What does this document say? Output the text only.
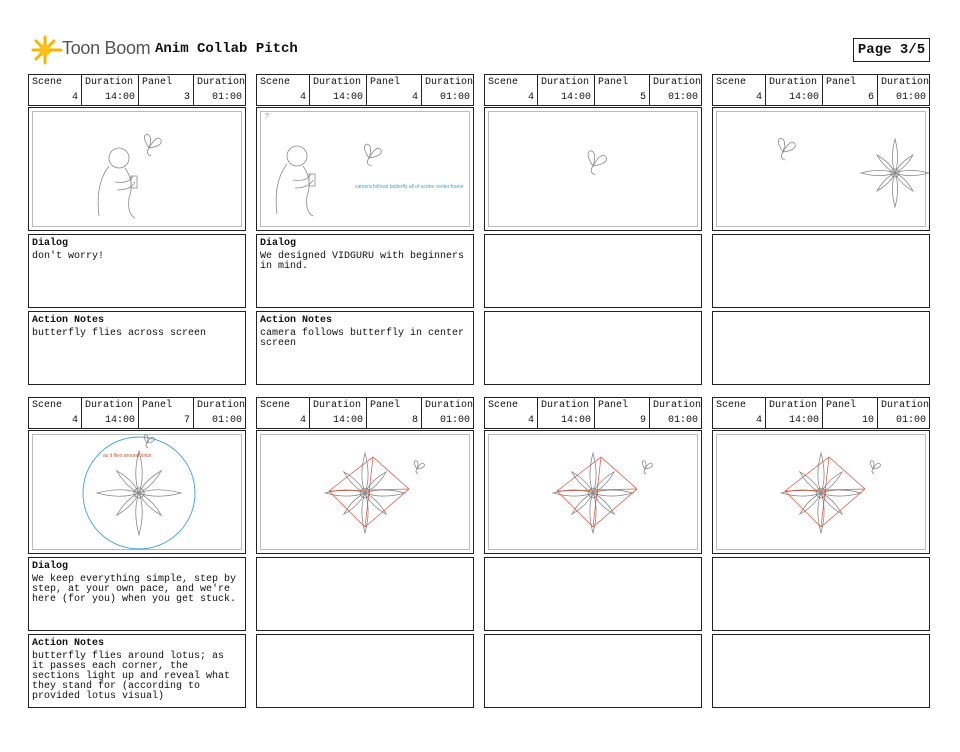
Toon Boom Anim Collab Pitch	Page 3/5
Scene
4
Duration
14:00
Panel
3
Duration
01:00
Dialog
don't worry!
Action Notes
butterfly flies across screen
Scene
4
Duration
14:00
Panel
4
Duration
01:00
?
camera follows butterfly all of scene center frame
Dialog
We designed VIDGURU with beginners in mind.
Action Notes
camera follows butterfly in center screen
Scene
4
Duration
14:00
Panel
5
Duration
01:00
Scene
4
Duration
14:00
Panel
6
Duration
01:00
Scene
4
Duration
14:00
Panel
7
Duration
01:00
as it flies around lotus
Dialog
We keep everything simple, step by step, at your own pace, and we're here (for you) when you get stuck.
Action Notes
butterfly flies around lotus; as it passes each corner, the sections light up and reveal what they stand for (according to provided lotus visual)
Scene
4
Duration
14:00
Panel
8
Duration
01:00
Scene
4
Duration
14:00
Panel
9
Duration
01:00
Scene
4
Duration
14:00
Panel
10
Duration
01:00
